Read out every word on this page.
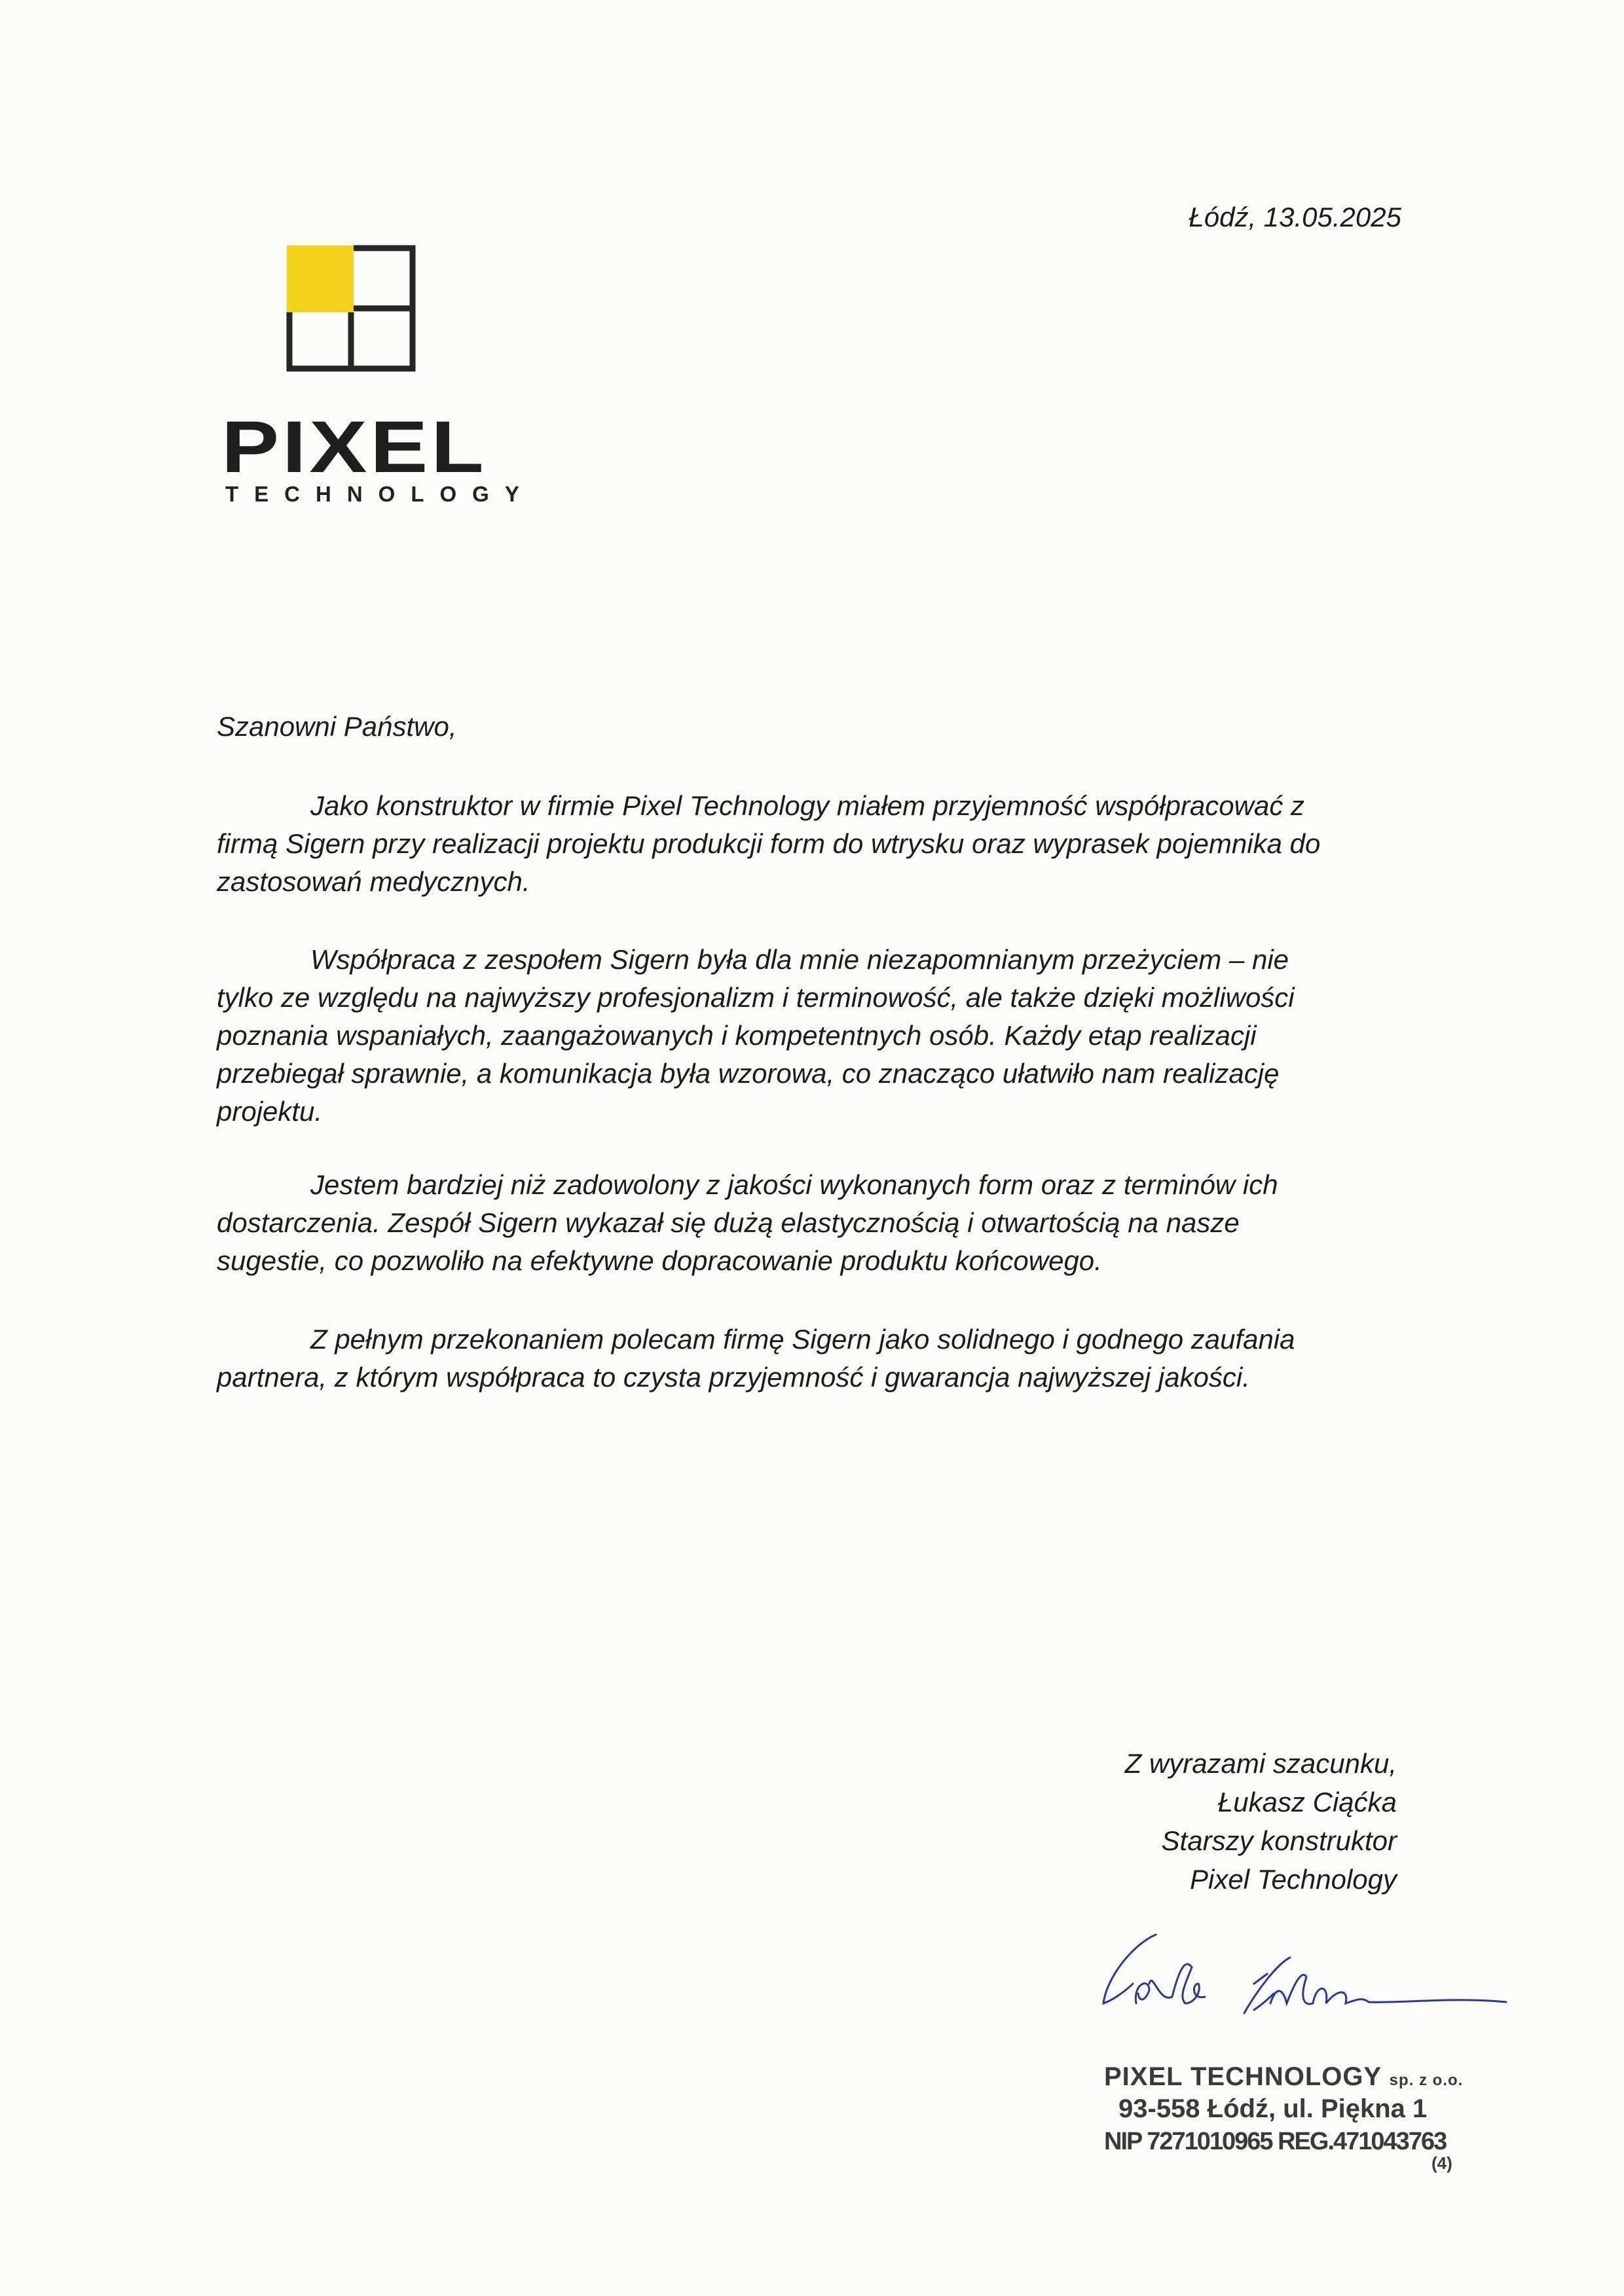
Łódź, 13.05.2025
PIXEL
TECHNOLOGY
Szanowni Państwo,
Jako konstruktor w firmie Pixel Technology miałem przyjemność współpracować z
firmą Sigern przy realizacji projektu produkcji form do wtrysku oraz wyprasek pojemnika do
zastosowań medycznych.
Współpraca z zespołem Sigern była dla mnie niezapomnianym przeżyciem – nie
tylko ze względu na najwyższy profesjonalizm i terminowość, ale także dzięki możliwości
poznania wspaniałych, zaangażowanych i kompetentnych osób. Każdy etap realizacji
przebiegał sprawnie, a komunikacja była wzorowa, co znacząco ułatwiło nam realizację
projektu.
Jestem bardziej niż zadowolony z jakości wykonanych form oraz z terminów ich
dostarczenia. Zespół Sigern wykazał się dużą elastycznością i otwartością na nasze
sugestie, co pozwoliło na efektywne dopracowanie produktu końcowego.
Z pełnym przekonaniem polecam firmę Sigern jako solidnego i godnego zaufania
partnera, z którym współpraca to czysta przyjemność i gwarancja najwyższej jakości.
Z wyrazami szacunku,
Łukasz Ciąćka
Starszy konstruktor
Pixel Technology
PIXEL TECHNOLOGY sp. z o.o.
93-558 Łódź, ul. Piękna 1
NIP 7271010965 REG.471043763
(4)
